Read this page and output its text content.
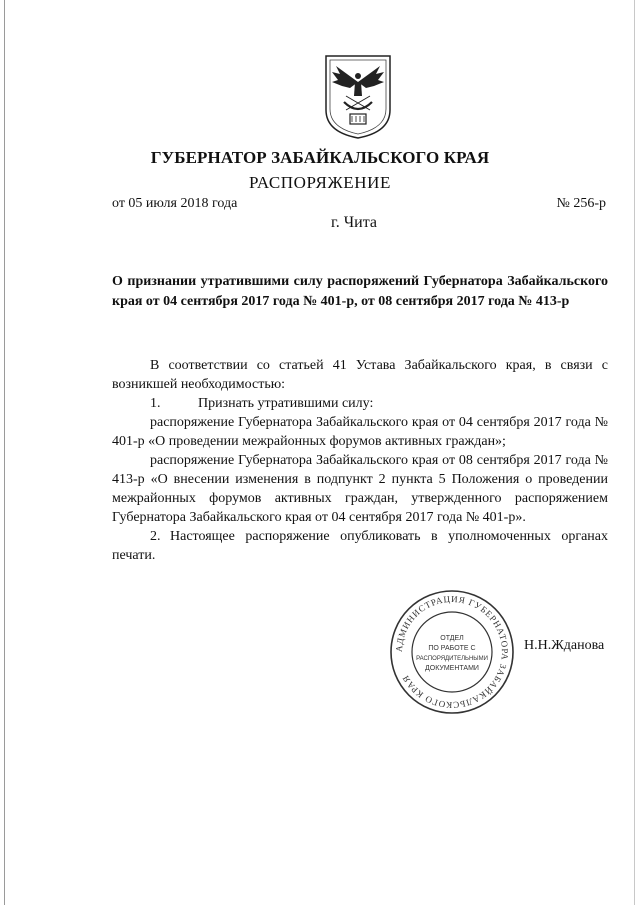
ГУБЕРНАТОР ЗАБАЙКАЛЬСКОГО КРАЯ
РАСПОРЯЖЕНИЕ
от 05 июля 2018 года	№ 256-р
г. Чита
О признании утратившими силу распоряжений Губернатора Забайкальского края от 04 сентября 2017 года № 401-р, от 08 сентября 2017 года № 413-р

В соответствии со статьей 41 Устава Забайкальского края, в связи с возникшей необходимостью:

1.	Признать утратившими силу:

распоряжение Губернатора Забайкальского края от 04 сентября 2017 года № 401-р «О проведении межрайонных форумов активных граждан»;

распоряжение Губернатора Забайкальского края от 08 сентября 2017 года № 413-р «О внесении изменения в подпункт 2 пункта 5 Положения о проведении межрайонных форумов активных граждан, утвержденного распоряжением Губернатора Забайкальского края от 04 сентября 2017 года № 401-р».

2. Настоящее распоряжение опубликовать в уполномоченных органах печати.

АДМИНИСТРАЦИЯ ГУБЕРНАТОРА ЗАБАЙКАЛЬСКОГО КРАЯ
ОТДЕЛ
ПО РАБОТЕ С
РАСПОРЯДИТЕЛЬНЫМИ
ДОКУМЕНТАМИ
Н.Н.Жданова
